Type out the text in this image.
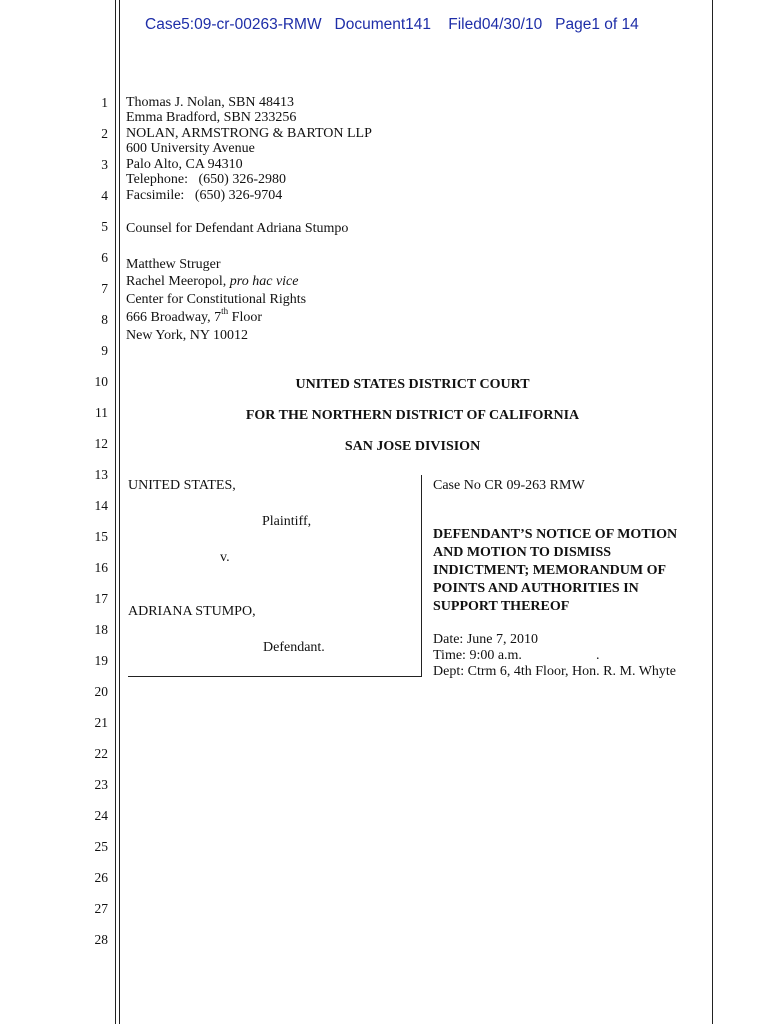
Case5:09-cr-00263-RMW Document141 Filed04/30/10 Page1 of 14
1
2
3
4
5
6
7
8
9
10
11
12
13
14
15
16
17
18
19
20
21
22
23
24
25
26
27
28
Thomas J. Nolan, SBN 48413
Emma Bradford, SBN 233256
NOLAN, ARMSTRONG & BARTON LLP
600 University Avenue
Palo Alto, CA 94310
Telephone:   (650) 326-2980
Facsimile:   (650) 326-9704
Counsel for Defendant Adriana Stumpo
Matthew Struger
Rachel Meeropol, pro hac vice
Center for Constitutional Rights
666 Broadway, 7th Floor
New York, NY 10012
UNITED STATES DISTRICT COURT
FOR THE NORTHERN DISTRICT OF CALIFORNIA
SAN JOSE DIVISION
UNITED STATES,
Plaintiff,
v.
ADRIANA STUMPO,
Defendant.
Case No CR 09-263 RMW
DEFENDANT’S NOTICE OF MOTION
AND MOTION TO DISMISS
INDICTMENT; MEMORANDUM OF
POINTS AND AUTHORITIES IN
SUPPORT THEREOF
Date: June 7, 2010
Time: 9:00 a.m.	.
Dept: Ctrm 6, 4th Floor, Hon. R. M. Whyte
